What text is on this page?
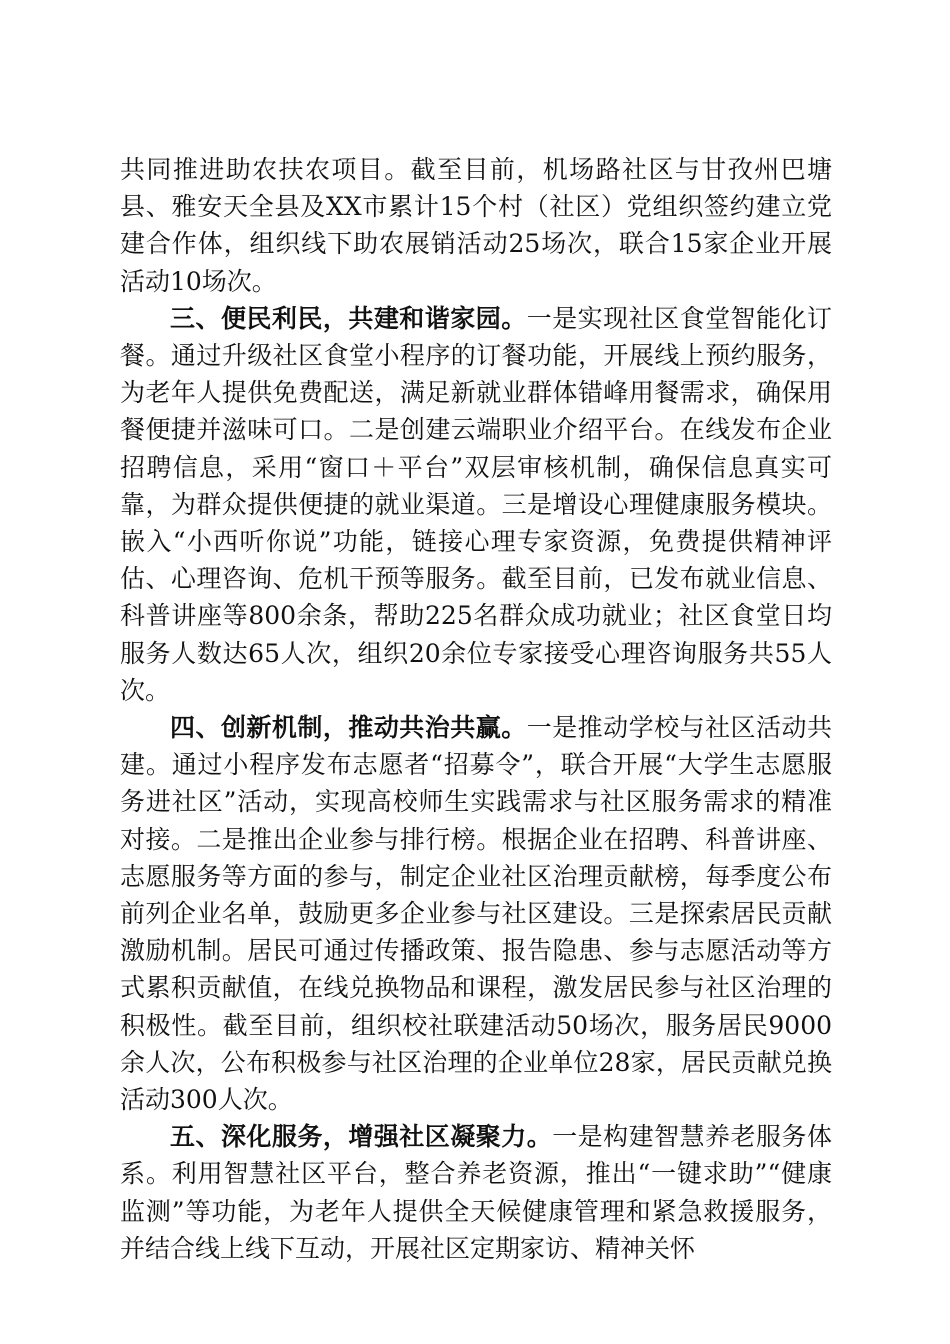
共同推进助农扶农项目。截至目前，机场路社区与甘孜州巴塘县、雅安天全县及XX市累计15个村（社区）党组织签约建立党建合作体，组织线下助农展销活动25场次，联合15家企业开展活动10场次。

三、便民利民，共建和谐家园。一是实现社区食堂智能化订餐。通过升级社区食堂小程序的订餐功能，开展线上预约服务，为老年人提供免费配送，满足新就业群体错峰用餐需求，确保用餐便捷并滋味可口。二是创建云端职业介绍平台。在线发布企业招聘信息，采用“窗口＋平台”双层审核机制，确保信息真实可靠，为群众提供便捷的就业渠道。三是增设心理健康服务模块。嵌入“小西听你说”功能，链接心理专家资源，免费提供精神评估、心理咨询、危机干预等服务。截至目前，已发布就业信息、科普讲座等800余条，帮助225名群众成功就业；社区食堂日均服务人数达65人次，组织20余位专家接受心理咨询服务共55人次。

四、创新机制，推动共治共赢。一是推动学校与社区活动共建。通过小程序发布志愿者“招募令”，联合开展“大学生志愿服务进社区”活动，实现高校师生实践需求与社区服务需求的精准对接。二是推出企业参与排行榜。根据企业在招聘、科普讲座、志愿服务等方面的参与，制定企业社区治理贡献榜，每季度公布前列企业名单，鼓励更多企业参与社区建设。三是探索居民贡献激励机制。居民可通过传播政策、报告隐患、参与志愿活动等方式累积贡献值，在线兑换物品和课程，激发居民参与社区治理的积极性。截至目前，组织校社联建活动50场次，服务居民9000余人次，公布积极参与社区治理的企业单位28家，居民贡献兑换活动300人次。

五、深化服务，增强社区凝聚力。一是构建智慧养老服务体系。利用智慧社区平台，整合养老资源，推出“一键求助”“健康监测”等功能，为老年人提供全天候健康管理和紧急救援服务，并结合线上线下互动，开展社区定期家访、精神关怀
